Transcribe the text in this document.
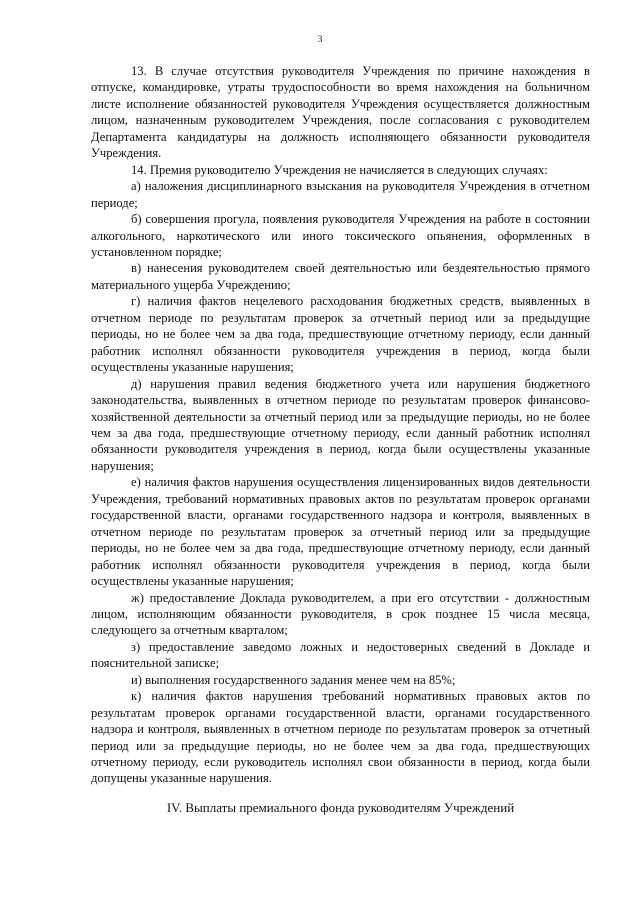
3

13. В случае отсутствия руководителя Учреждения по причине нахождения в отпуске, командировке, утраты трудоспособности во время нахождения на больничном листе исполнение обязанностей руководителя Учреждения осуществляется должностным лицом, назначенным руководителем Учреждения, после согласования с руководителем Департамента кандидатуры на должность исполняющего обязанности руководителя Учреждения.

14. Премия руководителю Учреждения не начисляется в следующих случаях:

а) наложения дисциплинарного взыскания на руководителя Учреждения в отчетном периоде;

б) совершения прогула, появления руководителя Учреждения на работе в состоянии алкогольного, наркотического или иного токсического опьянения, оформленных в установленном порядке;

в) нанесения руководителем своей деятельностью или бездеятельностью прямого материального ущерба Учреждению;

г) наличия фактов нецелевого расходования бюджетных средств, выявленных в отчетном периоде по результатам проверок за отчетный период или за предыдущие периоды, но не более чем за два года, предшествующие отчетному периоду, если данный работник исполнял обязанности руководителя учреждения в период, когда были осуществлены указанные нарушения;

д) нарушения правил ведения бюджетного учета или нарушения бюджетного законодательства, выявленных в отчетном периоде по результатам проверок финансово-хозяйственной деятельности за отчетный период или за предыдущие периоды, но не более чем за два года, предшествующие отчетному периоду, если данный работник исполнял обязанности руководителя учреждения в период, когда были осуществлены указанные нарушения;

е) наличия фактов нарушения осуществления лицензированных видов деятельности Учреждения, требований нормативных правовых актов по результатам проверок органами государственной власти, органами государственного надзора и контроля, выявленных в отчетном периоде по результатам проверок за отчетный период или за предыдущие периоды, но не более чем за два года, предшествующие отчетному периоду, если данный работник исполнял обязанности руководителя учреждения в период, когда были осуществлены указанные нарушения;

ж) предоставление Доклада руководителем, а при его отсутствии - должностным лицом, исполняющим обязанности руководителя, в срок позднее 15 числа месяца, следующего за отчетным кварталом;

з) предоставление заведомо ложных и недостоверных сведений в Докладе и пояснительной записке;

и) выполнения государственного задания менее чем на 85%;

к) наличия фактов нарушения требований нормативных правовых актов по результатам проверок органами государственной власти, органами государственного надзора и контроля, выявленных в отчетном периоде по результатам проверок за отчетный период или за предыдущие периоды, но не более чем за два года, предшествующих отчетному периоду, если руководитель исполнял свои обязанности в период, когда были допущены указанные нарушения.

IV. Выплаты премиального фонда руководителям Учреждений
